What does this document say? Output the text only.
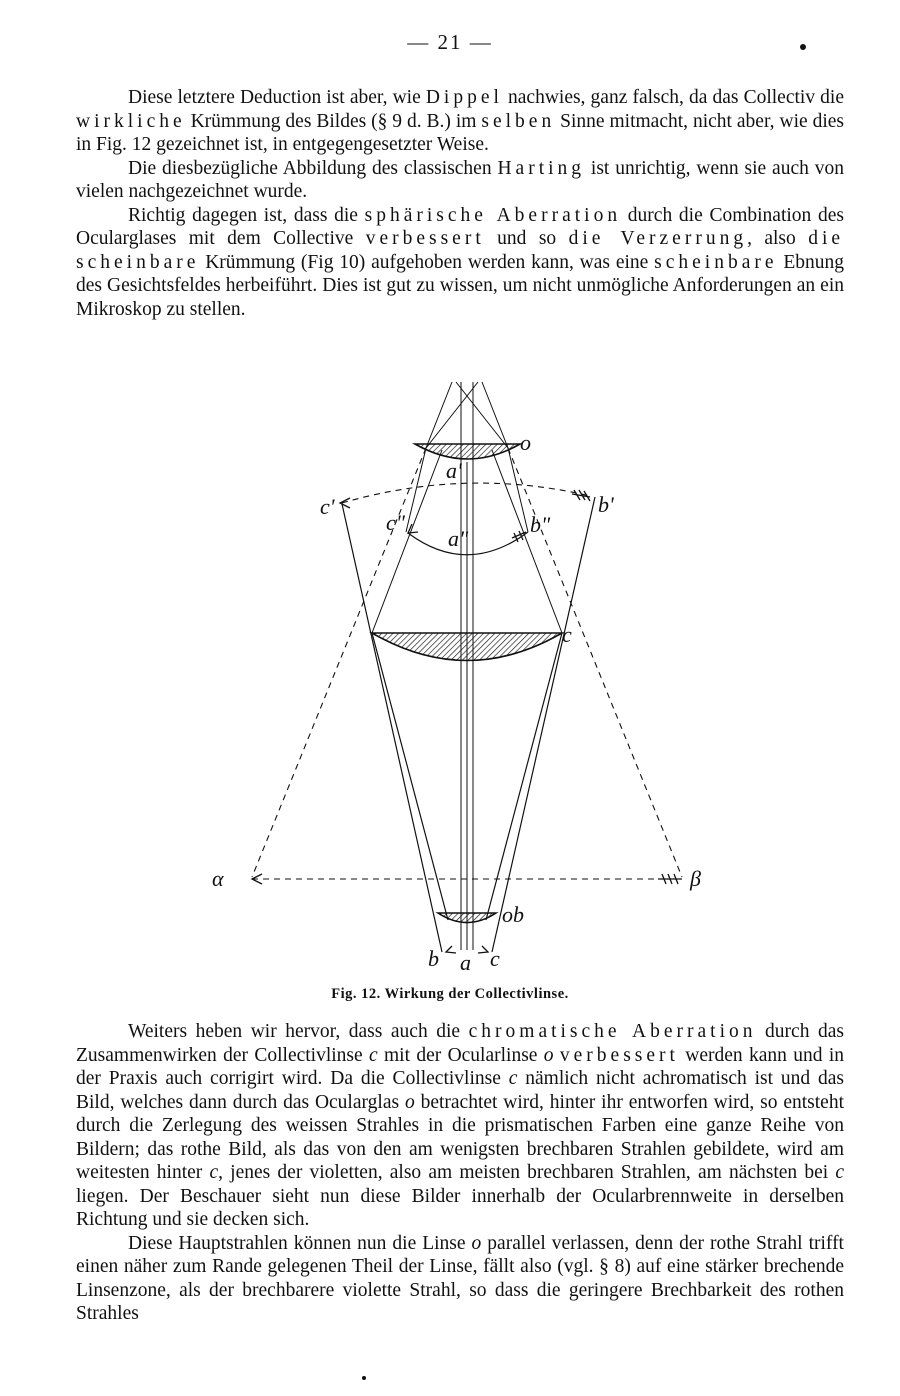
— 21 —

Diese letztere Deduction ist aber, wie Dippel nachwies, ganz falsch, da das Collectiv die wirkliche Krümmung des Bildes (§ 9 d. B.) im selben Sinne mitmacht, nicht aber, wie dies in Fig. 12 gezeichnet ist, in entgegengesetzter Weise.

Die diesbezügliche Abbildung des classischen Harting ist unrichtig, wenn sie auch von vielen nachgezeichnet wurde.

Richtig dagegen ist, dass die sphärische Aberration durch die Combination des Ocularglases mit dem Collective verbessert und so die Verzerrung, also die scheinbare Krümmung (Fig 10) aufgehoben werden kann, was eine scheinbare Ebnung des Gesichtsfeldes herbeiführt. Dies ist gut zu wissen, um nicht unmögliche Anforderungen an ein Mikroskop zu stellen.

o
a'
c'	b'
c"
a"
b"
c
α	β
ob
b a c
Fig. 12. Wirkung der Collectivlinse.

Weiters heben wir hervor, dass auch die chromatische Aberration durch das Zusammenwirken der Collectivlinse c mit der Ocularlinse o verbessert werden kann und in der Praxis auch corrigirt wird. Da die Collectivlinse c nämlich nicht achromatisch ist und das Bild, welches dann durch das Ocularglas o betrachtet wird, hinter ihr entworfen wird, so entsteht durch die Zerlegung des weissen Strahles in die prismatischen Farben eine ganze Reihe von Bildern; das rothe Bild, als das von den am wenigsten brechbaren Strahlen gebildete, wird am weitesten hinter c, jenes der violetten, also am meisten brechbaren Strahlen, am nächsten bei c liegen. Der Beschauer sieht nun diese Bilder innerhalb der Ocularbrennweite in derselben Richtung und sie decken sich.

Diese Hauptstrahlen können nun die Linse o parallel verlassen, denn der rothe Strahl trifft einen näher zum Rande gelegenen Theil der Linse, fällt also (vgl. § 8) auf eine stärker brechende Linsenzone, als der brechbarere violette Strahl, so dass die geringere Brechbarkeit des rothen Strahles
